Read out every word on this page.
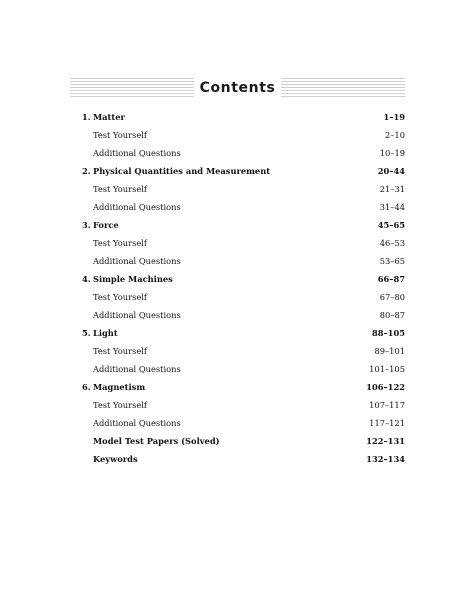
Contents
1. Matter	1–19
Test Yourself	2–10
Additional Questions	10–19
2. Physical Quantities and Measurement	20–44
Test Yourself	21–31
Additional Questions	31–44
3. Force	45–65
Test Yourself	46–53
Additional Questions	53–65
4. Simple Machines	66–87
Test Yourself	67–80
Additional Questions	80–87
5. Light	88–105
Test Yourself	89–101
Additional Questions	101–105
6. Magnetism	106–122
Test Yourself	107–117
Additional Questions	117–121
Model Test Papers (Solved)	122–131
Keywords	132–134
